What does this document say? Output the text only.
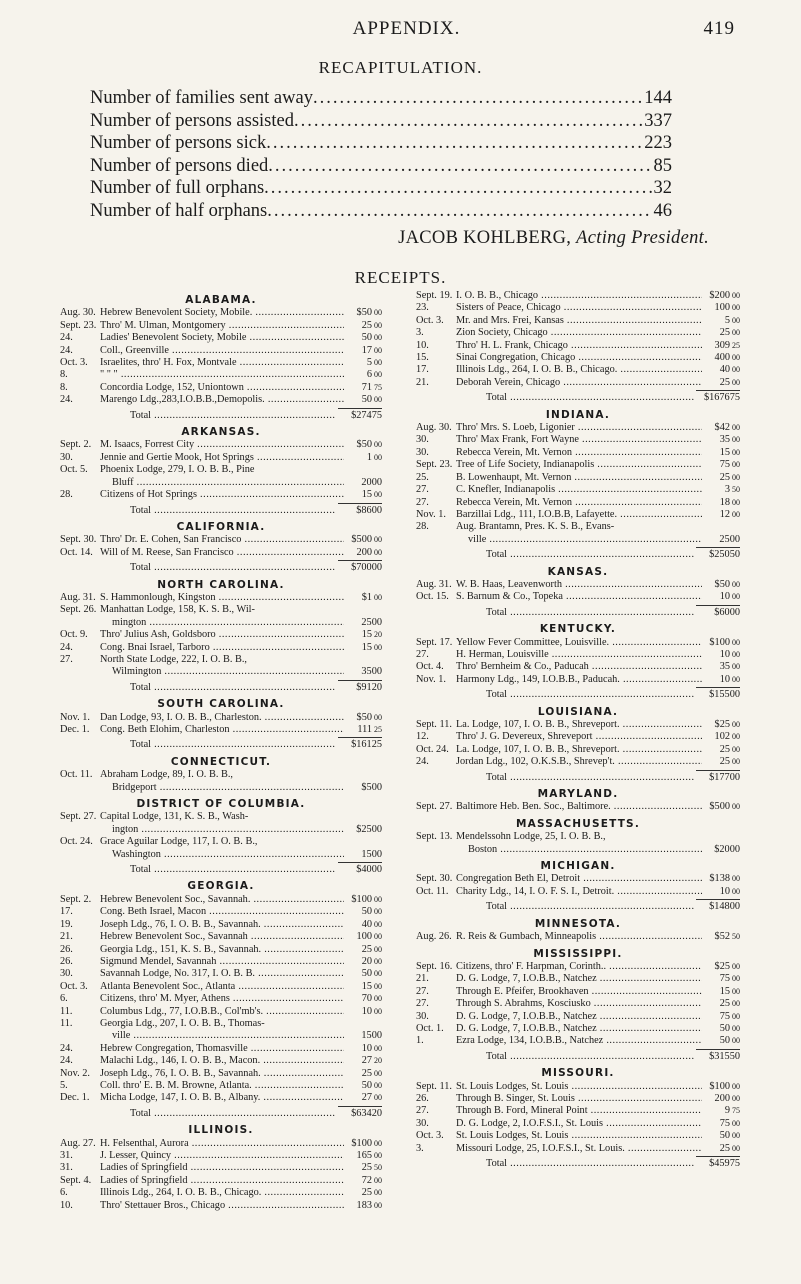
APPENDIX.	419
RECAPITULATION.
Number of families sent away .....	144
Number of persons assisted .....	337
Number of persons sick .....	223
Number of persons died .....	85
Number of full orphans .....	32
Number of half orphans .....	46
JACOB KOHLBERG, Acting President.
RECEIPTS.
ALABAMA.
Aug. 30. Hebrew Benevolent Society, Mobile. .....	$50 $^{00}$
Sept. 23. Thro' M. Ulman, Montgomery .....	25 $^{00}$
24.	Ladies' Benevolent Society, Mobile .....	50 $^{00}$
24.	Coll., Greenville .....	17 $^{00}$
Oct. 3.	Israelites, thro' H. Fox, Montvale .....	5 $^{00}$
8.	" " " .....	6 $^{00}$
8.	Concordia Lodge, 152, Uniontown .....	71 $^{75}$
24.	Marengo Ldg.,283,I.O.B.B.,Demopolis. .....	50 $^{00}$
Total .....	$27475
ARKANSAS.
Sept. 2. M. Isaacs, Forrest City .....	$50 $^{00}$
30.	Jennie and Gertie Mook, Hot Springs .....	1 $^{00}$
Oct. 5.	Phoenix Lodge, 279, I. O. B. B., Pine
Bluff .....	2000
28.	Citizens of Hot Springs .....	15 $^{00}$
Total .....	$8600
CALIFORNIA.
Sept. 30. Thro' Dr. E. Cohen, San Francisco .....	$500 $^{00}$
Oct. 14. Will of M. Reese, San Francisco .....	200 $^{00}$
Total .....	$70000
NORTH CAROLINA.
Aug. 31. S. Hammonlough, Kingston .....	$1 $^{00}$
Sept. 26. Manhattan Lodge, 158, K. S. B., Wil-
mington .....	2500
Oct. 9.	Thro' Julius Ash, Goldsboro .....	15 $^{20}$
24.	Cong. Bnai Israel, Tarboro .....	15 $^{00}$
27.	North State Lodge, 222, I. O. B. B.,
Wilmington .....	3500
Total .....	$9120
SOUTH CAROLINA.
Nov. 1. Dan Lodge, 93, I. O. B. B., Charleston. .....	$50 $^{00}$
Dec. 1.	Cong. Beth Elohim, Charleston .....	111 $^{25}$
Total .....	$16125
CONNECTICUT.
Oct. 11. Abraham Lodge, 89, I. O. B. B.,
Bridgeport .....	$500
DISTRICT OF COLUMBIA.
Sept. 27. Capital Lodge, 131, K. S. B., Wash-
ington .....	$2500
Oct. 24. Grace Aguilar Lodge, 117, I. O. B. B.,
Washington .....	1500
Total .....	$4000
GEORGIA.
Sept. 2. Hebrew Benevolent Soc., Savannah. .....	$100 $^{00}$
17.	Cong. Beth Israel, Macon .....	50 $^{00}$
19.	Joseph Ldg., 76, I. O. B. B., Savannah. .....	40 $^{00}$
21.	Hebrew Benevolent Soc., Savannah .....	100 $^{00}$
26.	Georgia Ldg., 151, K. S. B., Savannah. .....	25 $^{00}$
26.	Sigmund Mendel, Savannah .....	20 $^{00}$
30.	Savannah Lodge, No. 317, I. O. B. B. .....	50 $^{00}$
Oct. 3.	Atlanta Benevolent Soc., Atlanta .....	15 $^{00}$
6.	Citizens, thro' M. Myer, Athens .....	70 $^{00}$
11.	Columbus Ldg., 77, I.O.B.B., Col'mb's. .....	10 $^{00}$
11.	Georgia Ldg., 207, I. O. B. B., Thomas-
ville .....	1500
24.	Hebrew Congregation, Thomasville .....	10 $^{00}$
24.	Malachi Ldg., 146, I. O. B. B., Macon. .....	27 $^{20}$
Nov. 2. Joseph Ldg., 76, I. O. B. B., Savannah. .....	25 $^{00}$
5.	Coll. thro' E. B. M. Browne, Atlanta. .....	50 $^{00}$
Dec. 1.	Micha Lodge, 147, I. O. B. B., Albany. .....	27 $^{00}$
Total .....	$63420
ILLINOIS.
Aug. 27. H. Felsenthal, Aurora .....	$100 $^{00}$
31.	J. Lesser, Quincy .....	165 $^{00}$
31.	Ladies of Springfield .....	25 $^{50}$
Sept. 4. Ladies of Springfield .....	72 $^{00}$
6.	Illinois Ldg., 264, I. O. B. B., Chicago. .....	25 $^{00}$
10.	Thro' Stettauer Bros., Chicago .....	183 $^{00}$
Sept. 19. I. O. B. B., Chicago .....	$200 $^{00}$
23.	Sisters of Peace, Chicago .....	100 $^{00}$
Oct. 3.	Mr. and Mrs. Frei, Kansas .....	5 $^{00}$
3.	Zion Society, Chicago .....	25 $^{00}$
10.	Thro' H. L. Frank, Chicago .....	309 $^{25}$
15.	Sinai Congregation, Chicago .....	400 $^{00}$
17.	Illinois Ldg., 264, I. O. B. B., Chicago. .....	40 $^{00}$
21.	Deborah Verein, Chicago .....	25 $^{00}$
Total .....	$167675
INDIANA.
Aug. 30. Thro' Mrs. S. Loeb, Ligonier .....	$42 $^{00}$
30.	Thro' Max Frank, Fort Wayne .....	35 $^{00}$
30.	Rebecca Verein, Mt. Vernon .....	15 $^{00}$
Sept. 23. Tree of Life Society, Indianapolis .....	75 $^{00}$
25.	B. Lowenhaupt, Mt. Vernon .....	25 $^{00}$
27.	C. Knefler, Indianapolis .....	3 $^{50}$
27.	Rebecca Verein, Mt. Vernon .....	18 $^{00}$
Nov. 1. Barzillai Ldg., 111, I.O.B.B, Lafayette. .....	12 $^{00}$
28.	Aug. Brantamn, Pres. K. S. B., Evans-
ville .....	2500
Total .....	$25050
KANSAS.
Aug. 31. W. B. Haas, Leavenworth .....	$50 $^{00}$
Oct. 15. S. Barnum & Co., Topeka .....	10 $^{00}$
Total .....	$6000
KENTUCKY.
Sept. 17. Yellow Fever Committee, Louisville. .....	$100 $^{00}$
27.	H. Herman, Louisville .....	10 $^{00}$
Oct. 4.	Thro' Bernheim & Co., Paducah .....	35 $^{00}$
Nov. 1. Harmony Ldg., 149, I.O.B.B., Paducah. .....	10 $^{00}$
Total .....	$15500
LOUISIANA.
Sept. 11. La. Lodge, 107, I. O. B. B., Shreveport. .....	$25 $^{00}$
12.	Thro' J. G. Devereux, Shreveport .....	102 $^{00}$
Oct. 24. La. Lodge, 107, I. O. B. B., Shreveport. .....	25 $^{00}$
24.	Jordan Ldg., 102, O.K.S.B., Shrevep't. .....	25 $^{00}$
Total .....	$17700
MARYLAND.
Sept. 27. Baltimore Heb. Ben. Soc., Baltimore. .....	$500 $^{00}$
MASSACHUSETTS.
Sept. 13. Mendelssohn Lodge, 25, I. O. B. B.,
Boston .....	$2000
MICHIGAN.
Sept. 30. Congregation Beth El, Detroit .....	$138 $^{00}$
Oct. 11. Charity Ldg., 14, I. O. F. S. I., Detroit. .....	10 $^{00}$
Total .....	$14800
MINNESOTA.
Aug. 26. R. Reis & Gumbach, Minneapolis .....	$52 $^{50}$
MISSISSIPPI.
Sept. 16. Citizens, thro' F. Harpman, Corinth.. .....	$25 $^{00}$
21.	D. G. Lodge, 7, I.O.B.B., Natchez .....	75 $^{00}$
27.	Through E. Pfeifer, Brookhaven .....	15 $^{00}$
27.	Through S. Abrahms, Kosciusko .....	25 $^{00}$
30.	D. G. Lodge, 7, I.O.B.B., Natchez .....	75 $^{00}$
Oct. 1.	D. G. Lodge, 7, I.O.B.B., Natchez .....	50 $^{00}$
1.	Ezra Lodge, 134, I.O.B.B., Natchez .....	50 $^{00}$
Total .....	$31550
MISSOURI.
Sept. 11. St. Louis Lodges, St. Louis .....	$100 $^{00}$
26.	Through B. Singer, St. Louis .....	200 $^{00}$
27.	Through B. Ford, Mineral Point .....	9 $^{75}$
30.	D. G. Lodge, 2, I.O.F.S.I., St. Louis .....	75 $^{00}$
Oct. 3.	St. Louis Lodges, St. Louis .....	50 $^{00}$
3.	Missouri Lodge, 25, I.O.F.S.I., St. Louis. .....	25 $^{00}$
Total .....	$45975
